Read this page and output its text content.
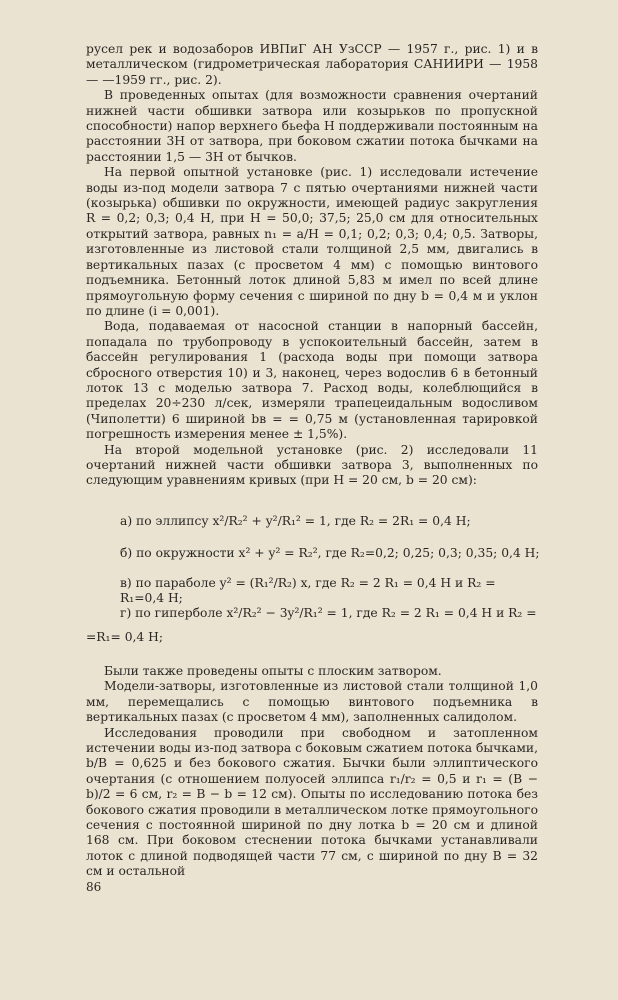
русел рек и водозаборов ИВПиГ АН УзССР — 1957 г., рис. 1) и в металлическом (гидрометрическая лаборатория САНИИРИ — 1958 — —1959 гг., рис. 2).

В проведенных опытах (для возможности сравнения очертаний нижней части обшивки затвора или козырьков по пропускной способности) напор верхнего бьефа H поддерживали постоянным на расстоянии 3H от затвора, при боковом сжатии потока бычками на расстоянии 1,5 — 3H от бычков.

На первой опытной установке (рис. 1) исследовали истечение воды из-под модели затвора 7 с пятью очертаниями нижней части (козырька) обшивки по окружности, имеющей радиус закругления R = 0,2; 0,3; 0,4 H, при H = 50,0; 37,5; 25,0 см для относительных открытий затвора, равных n₁ = a/H = 0,1; 0,2; 0,3; 0,4; 0,5. Затворы, изготовленные из листовой стали толщиной 2,5 мм, двигались в вертикальных пазах (с просветом 4 мм) с помощью винтового подъемника. Бетонный лоток длиной 5,83 м имел по всей длине прямоугольную форму сечения с шириной по дну b = 0,4 м и уклон по длине (i = 0,001).

Вода, подаваемая от насосной станции в напорный бассейн, попадала по трубопроводу в успокоительный бассейн, затем в бассейн регулирования 1 (расхода воды при помощи затвора сбросного отверстия 10) и 3, наконец, через водослив 6 в бетонный лоток 13 с моделью затвора 7. Расход воды, колеблющийся в пределах 20÷230 л/сек, измеряли трапецеидальным водосливом (Чиполетти) 6 шириной bв = = 0,75 м (установленная тарировкой погрешность измерения менее ± 1,5%).

На второй модельной установке (рис. 2) исследовали 11 очертаний нижней части обшивки затвора 3, выполненных по следующим уравнениям кривых (при H = 20 см, b = 20 см):

а) по эллипсу x²/R₂² + y²/R₁² = 1, где R₂ = 2R₁ = 0,4 H;
б) по окружности x² + y² = R₂², где R₂=0,2; 0,25; 0,3; 0,35; 0,4 H;
в) по параболе y² = (R₁²/R₂) x, где R₂ = 2 R₁ = 0,4 H и R₂ = R₁=0,4 H;
г) по гиперболе x²/R₂² − 3y²/R₁² = 1, где R₂ = 2 R₁ = 0,4 H и R₂ =
=R₁= 0,4 H;

Были также проведены опыты с плоским затвором.

Модели-затворы, изготовленные из листовой стали толщиной 1,0 мм, перемещались с помощью винтового подъемника в вертикальных пазах (с просветом 4 мм), заполненных салидолом.

Исследования проводили при свободном и затопленном истечении воды из-под затвора с боковым сжатием потока бычками, b/B = 0,625 и без бокового сжатия. Бычки были эллиптического очертания (с отношением полуосей эллипса r₁/r₂ = 0,5 и r₁ = (B − b)/2 = 6 см, r₂ = B − b = 12 см). Опыты по исследованию потока без бокового сжатия проводили в металлическом лотке прямоугольного сечения с постоянной шириной по дну лотка b = 20 см и длиной 168 см. При боковом стеснении потока бычками устанавливали лоток с длиной подводящей части 77 см, с шириной по дну B = 32 см и остальной

86
